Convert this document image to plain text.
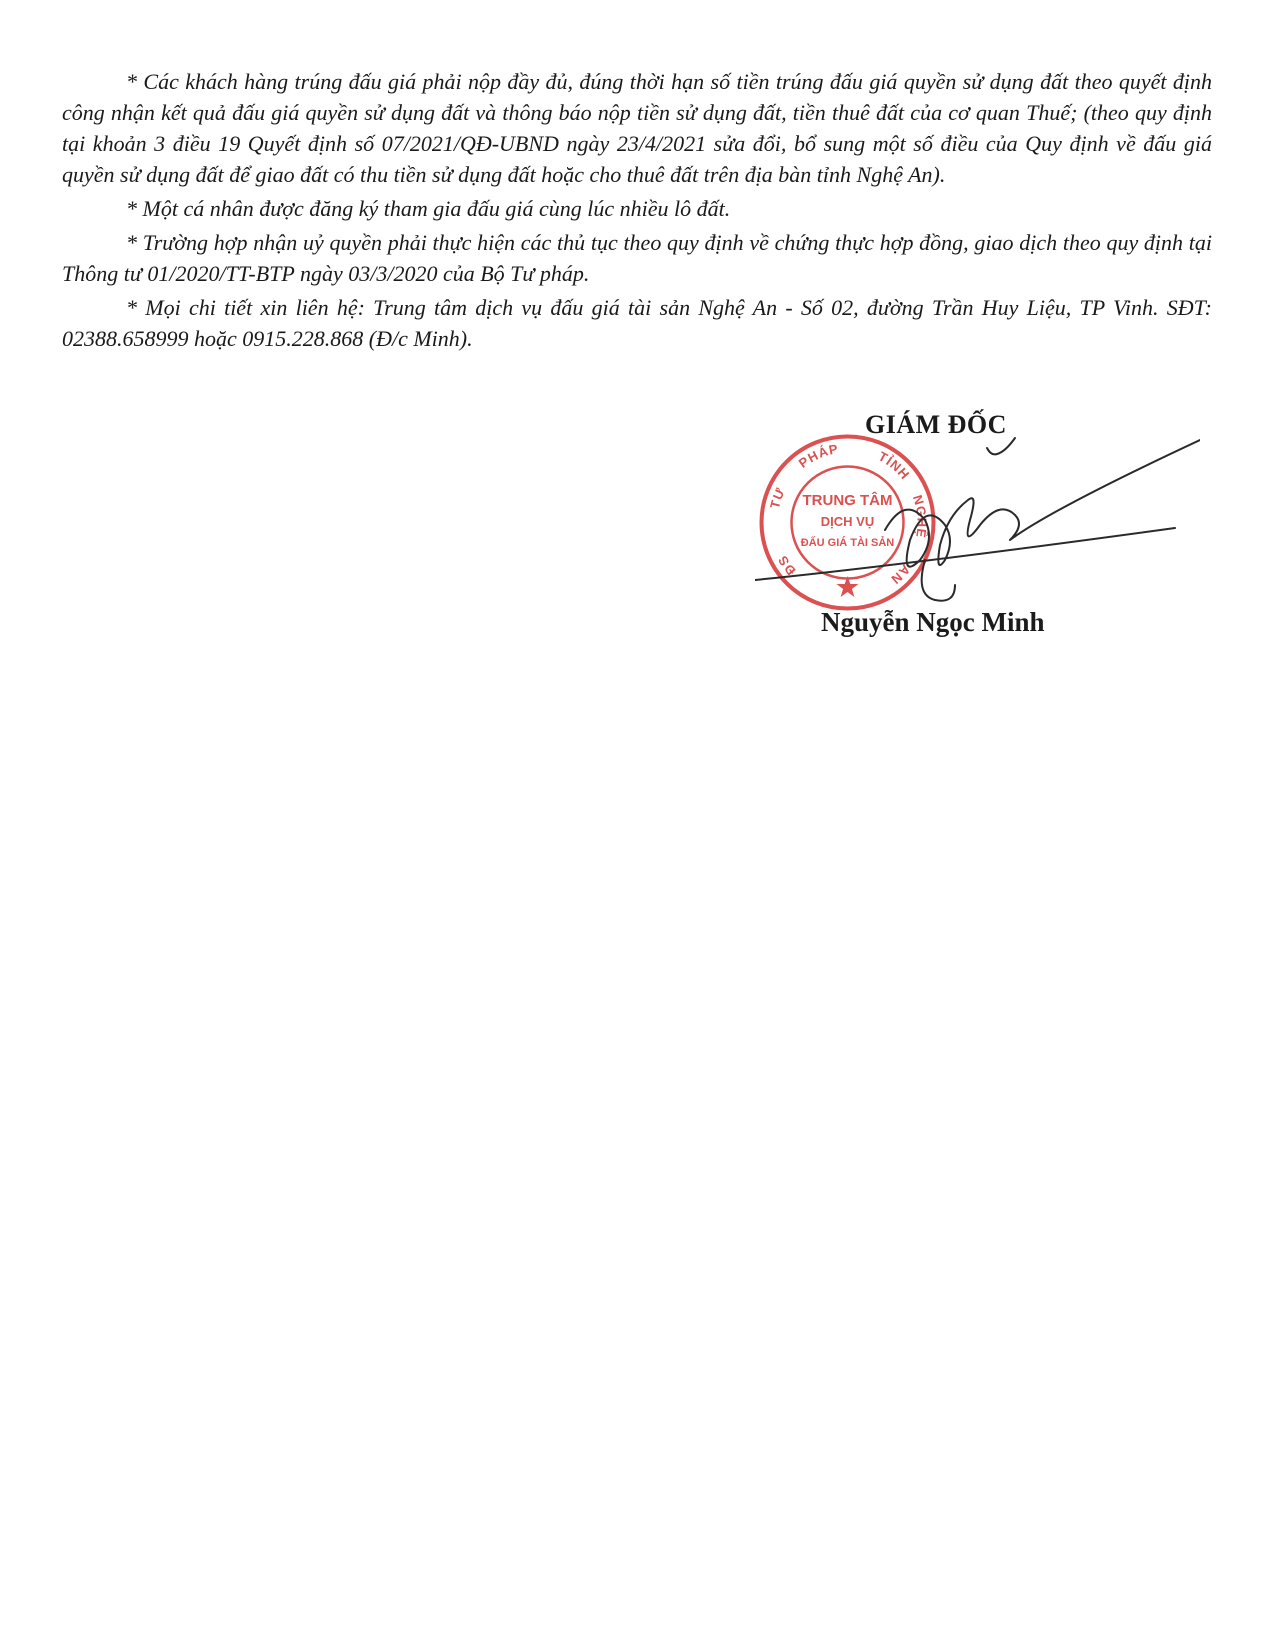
* Các khách hàng trúng đấu giá phải nộp đầy đủ, đúng thời hạn số tiền trúng đấu giá quyền sử dụng đất theo quyết định công nhận kết quả đấu giá quyền sử dụng đất và thông báo nộp tiền sử dụng đất, tiền thuê đất của cơ quan Thuế; (theo quy định tại khoản 3 điều 19 Quyết định số 07/2021/QĐ-UBND ngày 23/4/2021 sửa đổi, bổ sung một số điều của Quy định về đấu giá quyền sử dụng đất để giao đất có thu tiền sử dụng đất hoặc cho thuê đất trên địa bàn tỉnh Nghệ An).

* Một cá nhân được đăng ký tham gia đấu giá cùng lúc nhiều lô đất.

* Trường hợp nhận uỷ quyền phải thực hiện các thủ tục theo quy định về chứng thực hợp đồng, giao dịch theo quy định tại Thông tư 01/2020/TT-BTP ngày 03/3/2020 của Bộ Tư pháp.

* Mọi chi tiết xin liên hệ: Trung tâm dịch vụ đấu giá tài sản Nghệ An - Số 02, đường Trần Huy Liệu, TP Vinh. SĐT: 02388.658999 hoặc 0915.228.868 (Đ/c Minh).

GIÁM ĐỐC
TƯ
PHÁP	TỈNH
NGHỆ
AN
ĐS
TRUNG TÂM
DỊCH VỤ
ĐẤU GIÁ TÀI SẢN
Nguyễn Ngọc Minh
